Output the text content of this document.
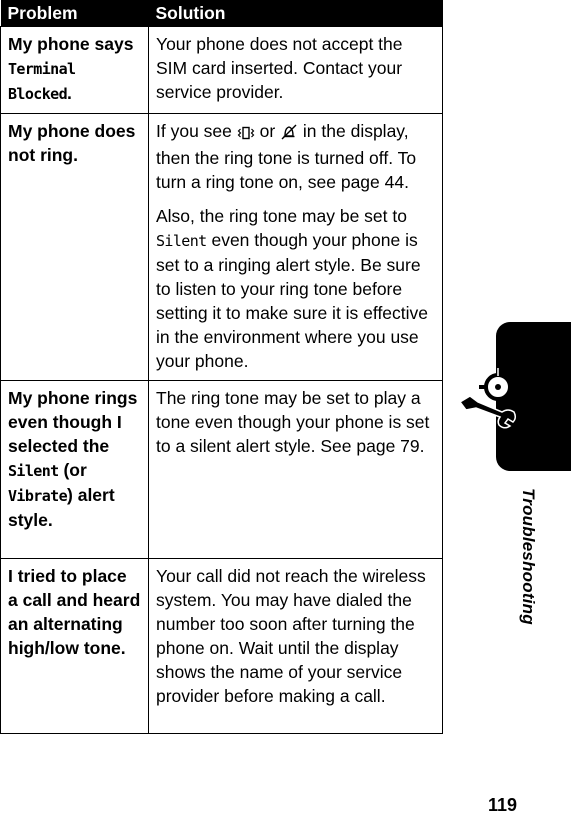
Problem	Solution
My phone says Terminal Blocked.	Your phone does not accept the SIM card inserted. Contact your service provider.
My phone does not ring.	If you see  or  in the display, then the ring tone is turned off. To turn a ring tone on, see page 44.
Also, the ring tone may be set to Silent even though your phone is set to a ringing alert style. Be sure to listen to your ring tone before setting it to make sure it is effective in the environment where you use your phone.

My phone rings even though I selected the Silent (or Vibrate) alert style.	The ring tone may be set to play a tone even though your phone is set to a silent alert style. See page 79.
I tried to place a call and heard an alternating high/low tone.	Your call did not reach the wireless system. You may have dialed the number too soon after turning the phone on. Wait until the display shows the name of your service provider before making a call.
Troubleshooting
119
